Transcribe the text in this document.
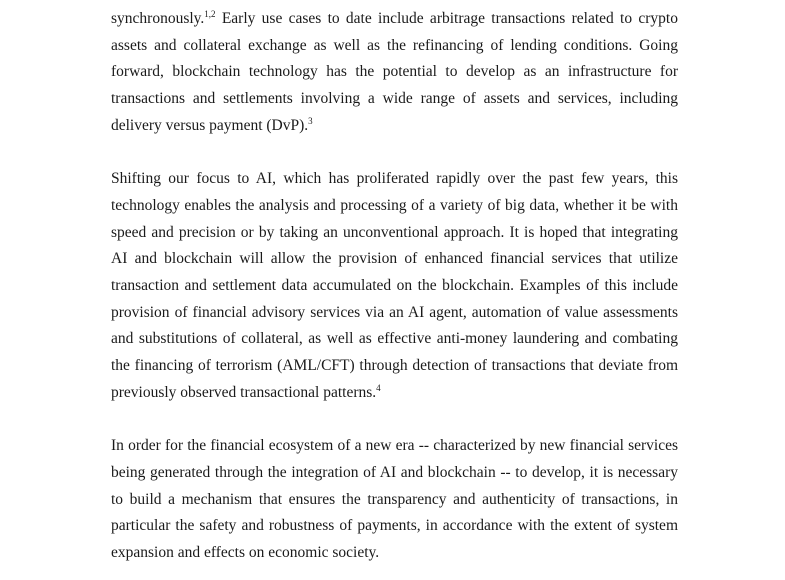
synchronously.$^{1,2}$ Early use cases to date include arbitrage transactions related to crypto assets and collateral exchange as well as the refinancing of lending conditions. Going forward, blockchain technology has the potential to develop as an infrastructure for transactions and settlements involving a wide range of assets and services, including delivery versus payment (DvP).$^3$

Shifting our focus to AI, which has proliferated rapidly over the past few years, this technology enables the analysis and processing of a variety of big data, whether it be with speed and precision or by taking an unconventional approach. It is hoped that integrating AI and blockchain will allow the provision of enhanced financial services that utilize transaction and settlement data accumulated on the blockchain. Examples of this include provision of financial advisory services via an AI agent, automation of value assessments and substitutions of collateral, as well as effective anti-money laundering and combating the financing of terrorism (AML/CFT) through detection of transactions that deviate from previously observed transactional patterns.$^4$

In order for the financial ecosystem of a new era -- characterized by new financial services being generated through the integration of AI and blockchain -- to develop, it is necessary to build a mechanism that ensures the transparency and authenticity of transactions, in particular the safety and robustness of payments, in accordance with the extent of system expansion and effects on economic society.
